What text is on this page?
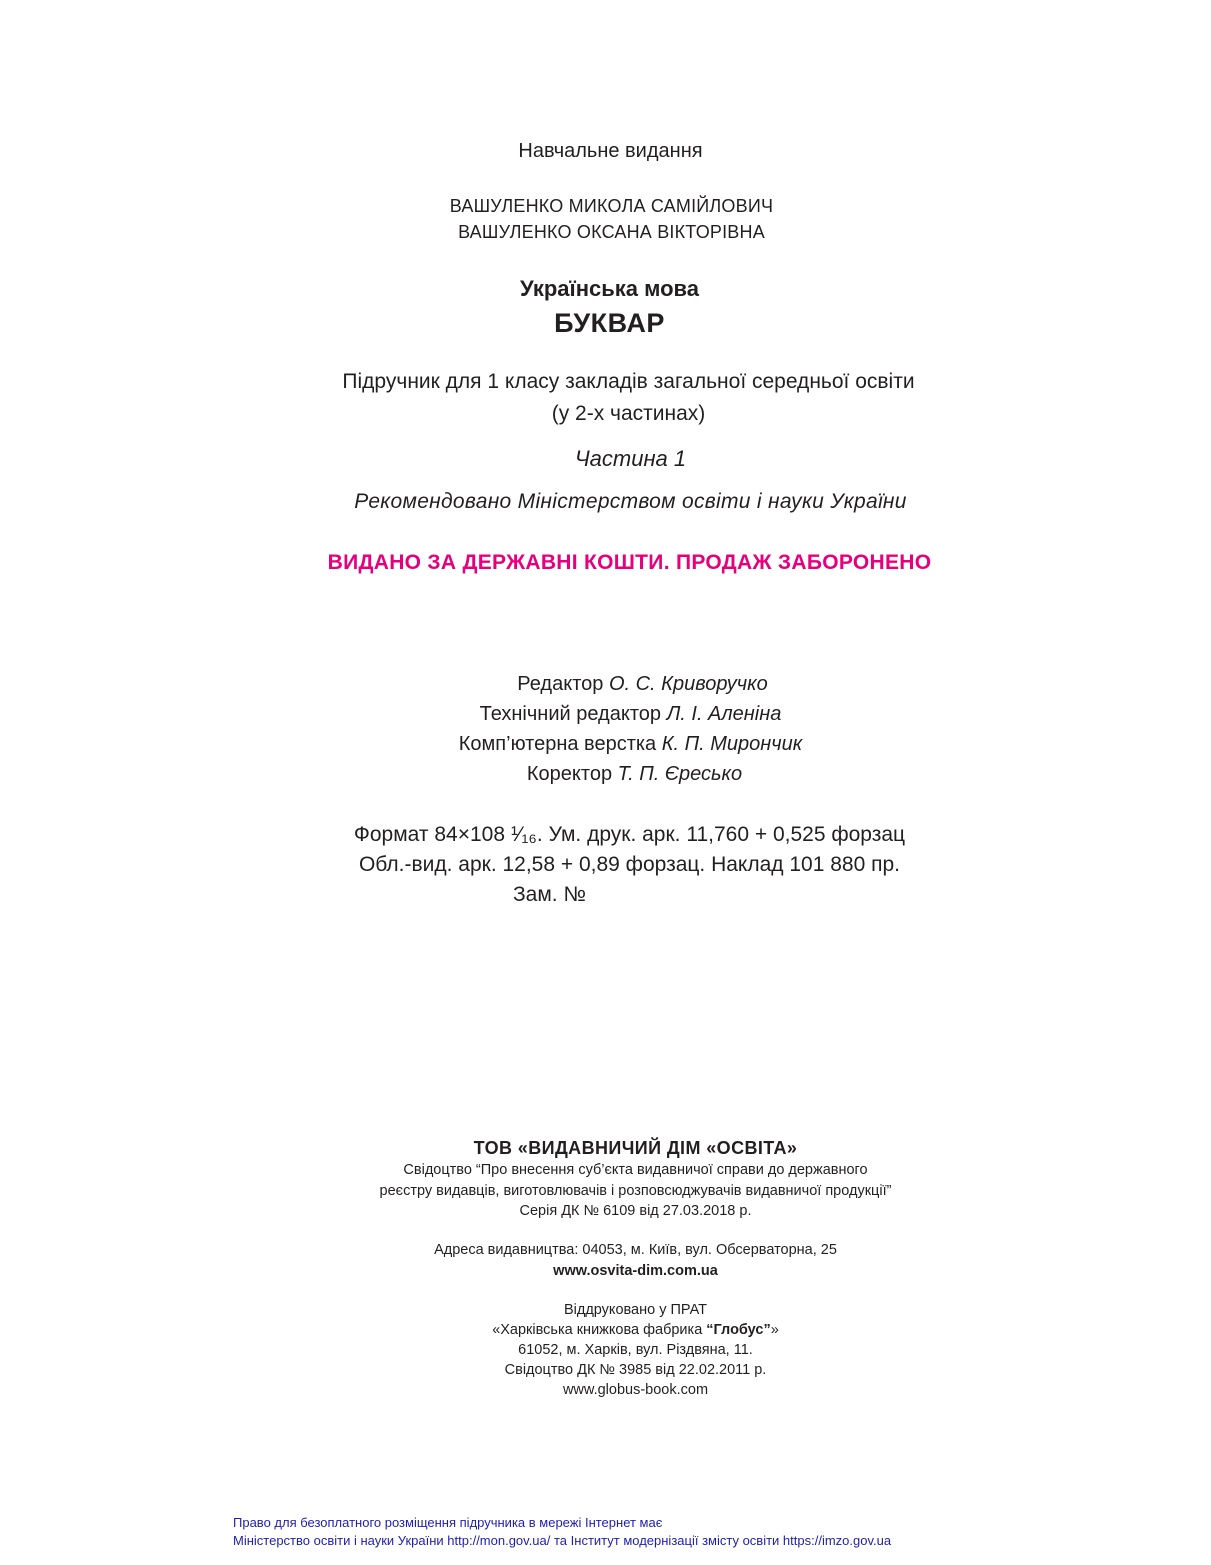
Навчальне видання
ВАШУЛЕНКО МИКОЛА САМІЙЛОВИЧ
ВАШУЛЕНКО ОКСАНА ВІКТОРІВНА
Українська мова
БУКВАР
Підручник для 1 класу закладів загальної середньої освіти
(у 2-х частинах)
Частина 1
Рекомендовано Міністерством освіти і науки України
ВИДАНО ЗА ДЕРЖАВНІ КОШТИ. ПРОДАЖ ЗАБОРОНЕНО
Редактор О. С. Криворучко
Технічний редактор Л. І. Аленіна
Комп’ютерна верстка К. П. Мирончик
Коректор Т. П. Єресько
Формат 84×108 ¹⁄₁₆. Ум. друк. арк. 11,760 + 0,525 форзац
Обл.-вид. арк. 12,58 + 0,89 форзац. Наклад 101 880 пр.
Зам. №
ТОВ «ВИДАВНИЧИЙ ДІМ «ОСВІТА»
Свідоцтво “Про внесення суб’єкта видавничої справи до державного
реєстру видавців, виготовлювачів і розповсюджувачів видавничої продукції”
Серія ДК № 6109 від 27.03.2018 р.
Адреса видавництва: 04053, м. Київ, вул. Обсерваторна, 25
www.osvita-dim.com.ua
Віддруковано у ПРАТ
«Харківська книжкова фабрика “Глобус”»
61052, м. Харків, вул. Різдвяна, 11.
Свідоцтво ДК № 3985 від 22.02.2011 р.
www.globus-book.com
Право для безоплатного розміщення підручника в мережі Інтернет має
Міністерство освіти і науки України http://mon.gov.ua/ та Інститут модернізації змісту освіти https://imzo.gov.ua
